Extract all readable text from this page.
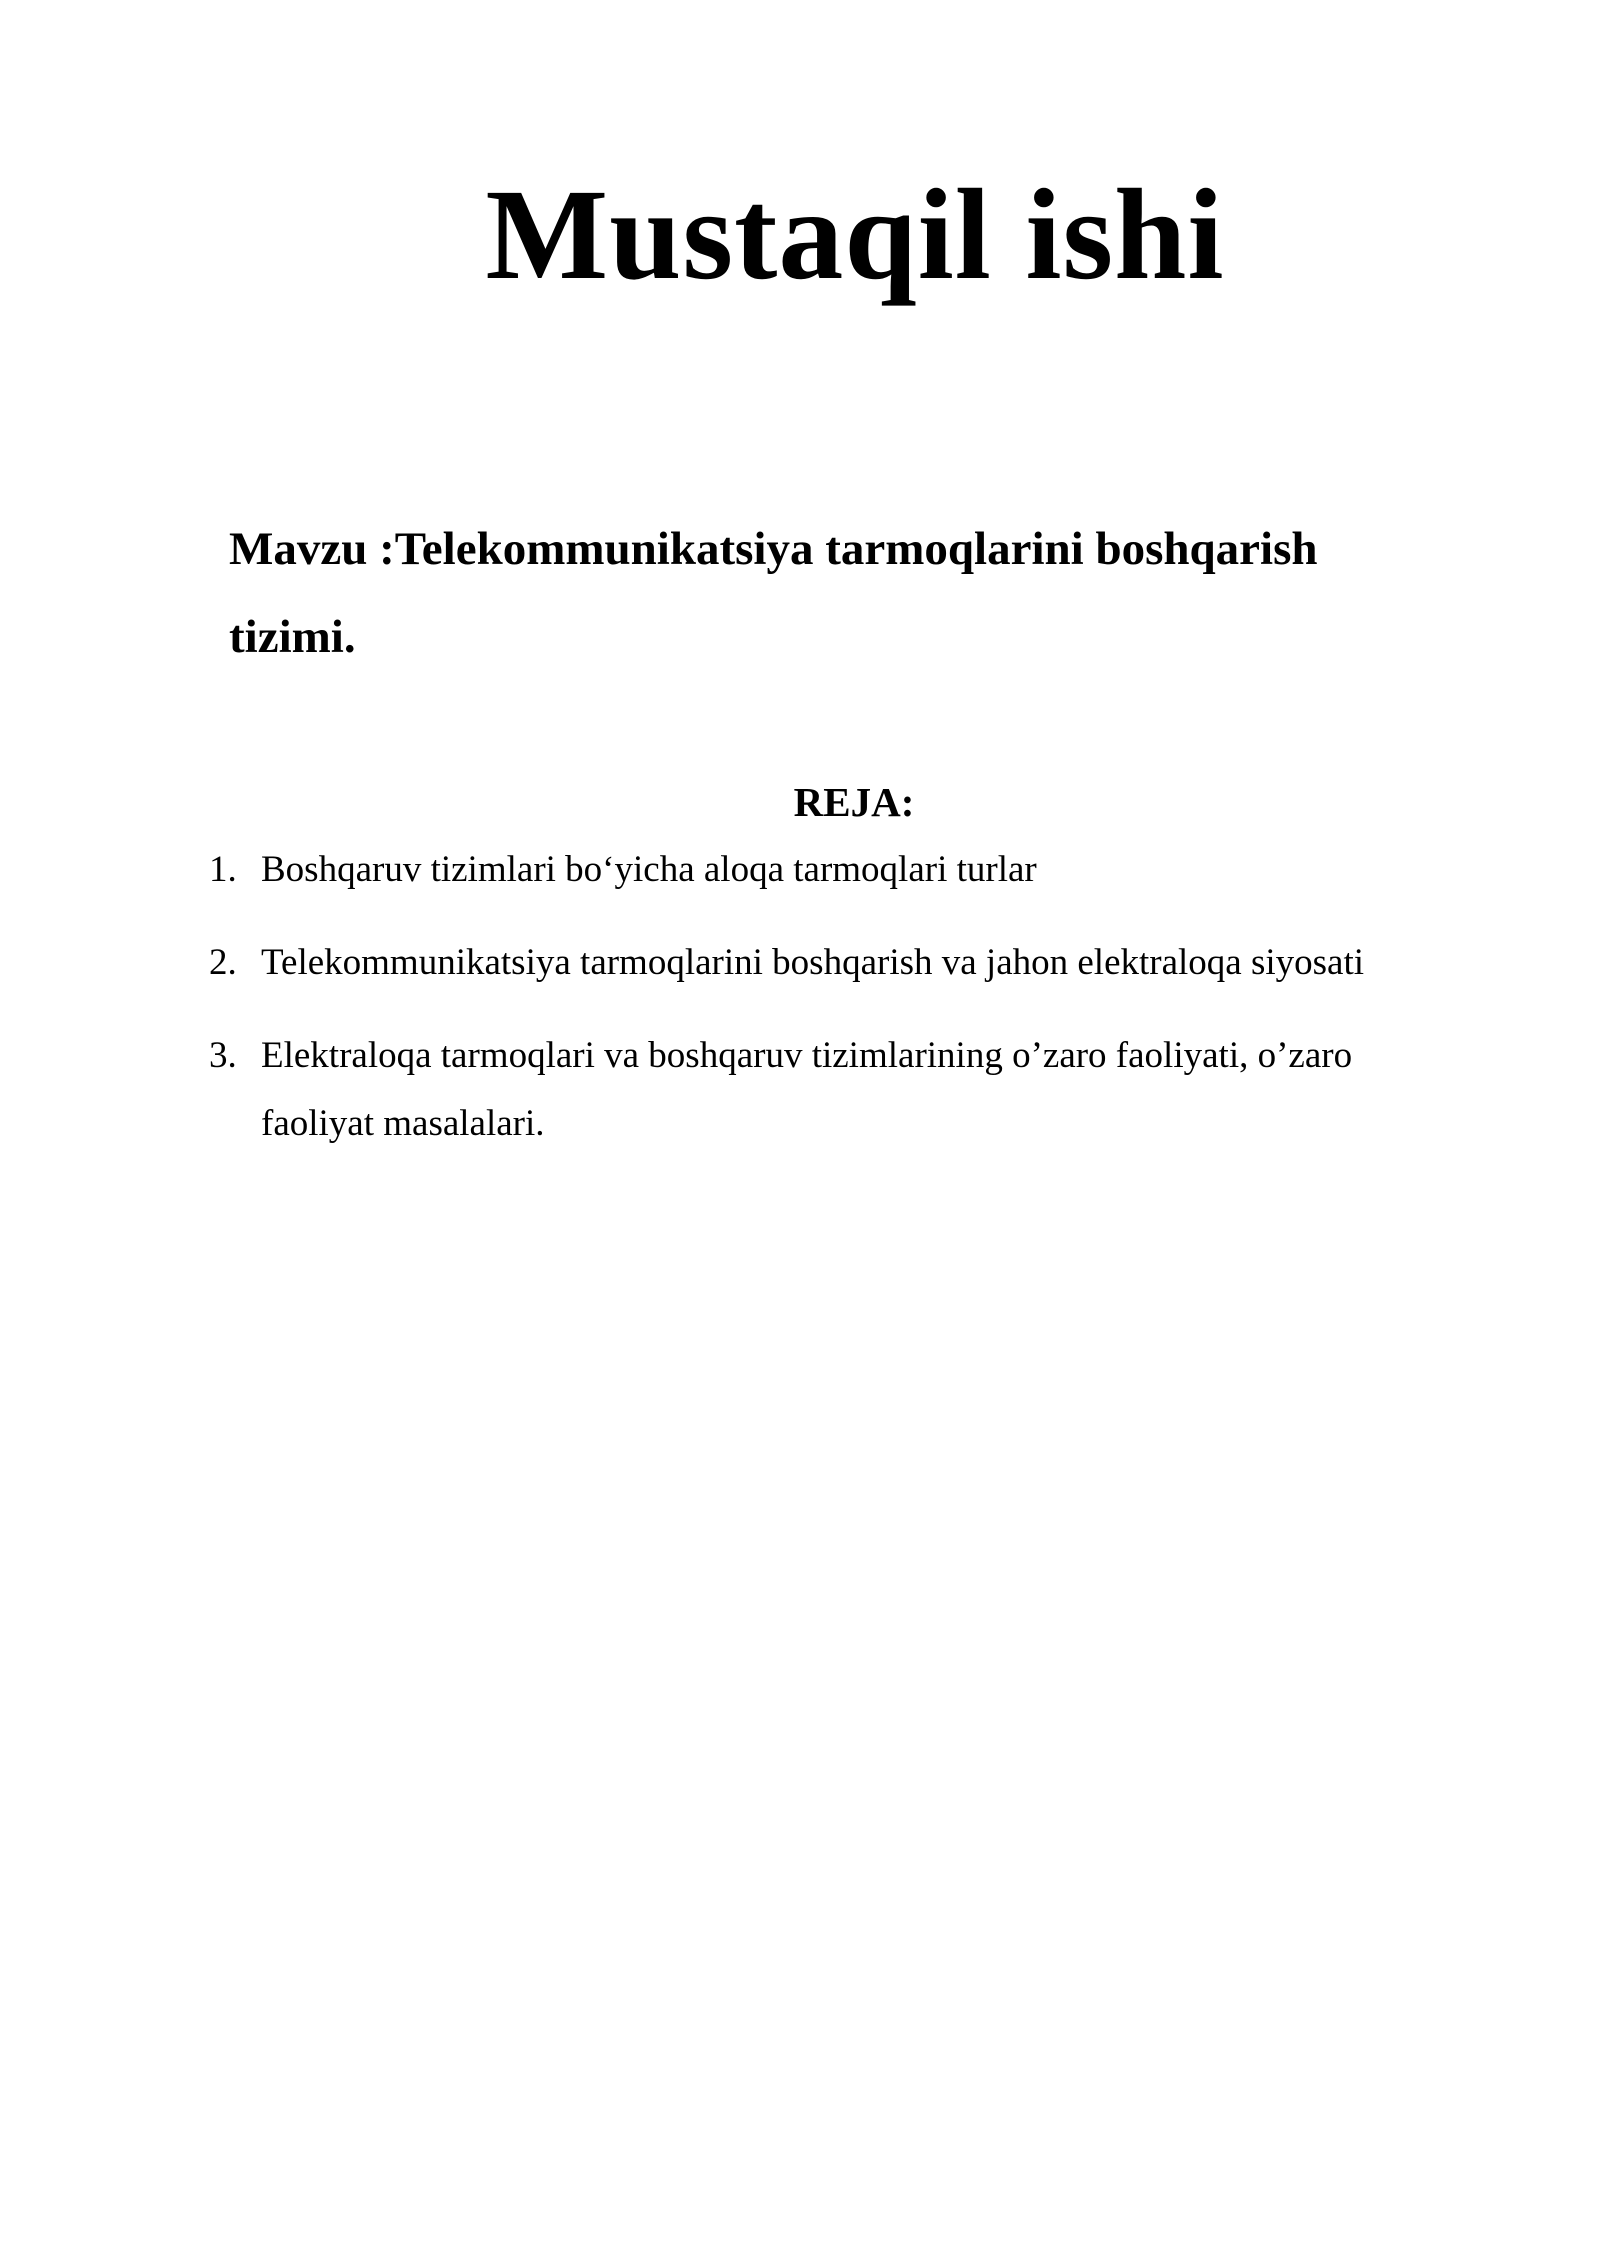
Mustaqil ishi

Mavzu :Telekommunikatsiya tarmoqlarini boshqarish tizimi.

REJA:
1. Boshqaruv tizimlari bo‘yicha aloqa tarmoqlari turlar
2. Telekommunikatsiya tarmoqlarini boshqarish va jahon elektraloqa siyosati
3. Elektraloqa tarmoqlari va boshqaruv tizimlarining o’zaro faoliyati, o’zaro faoliyat masalalari.
